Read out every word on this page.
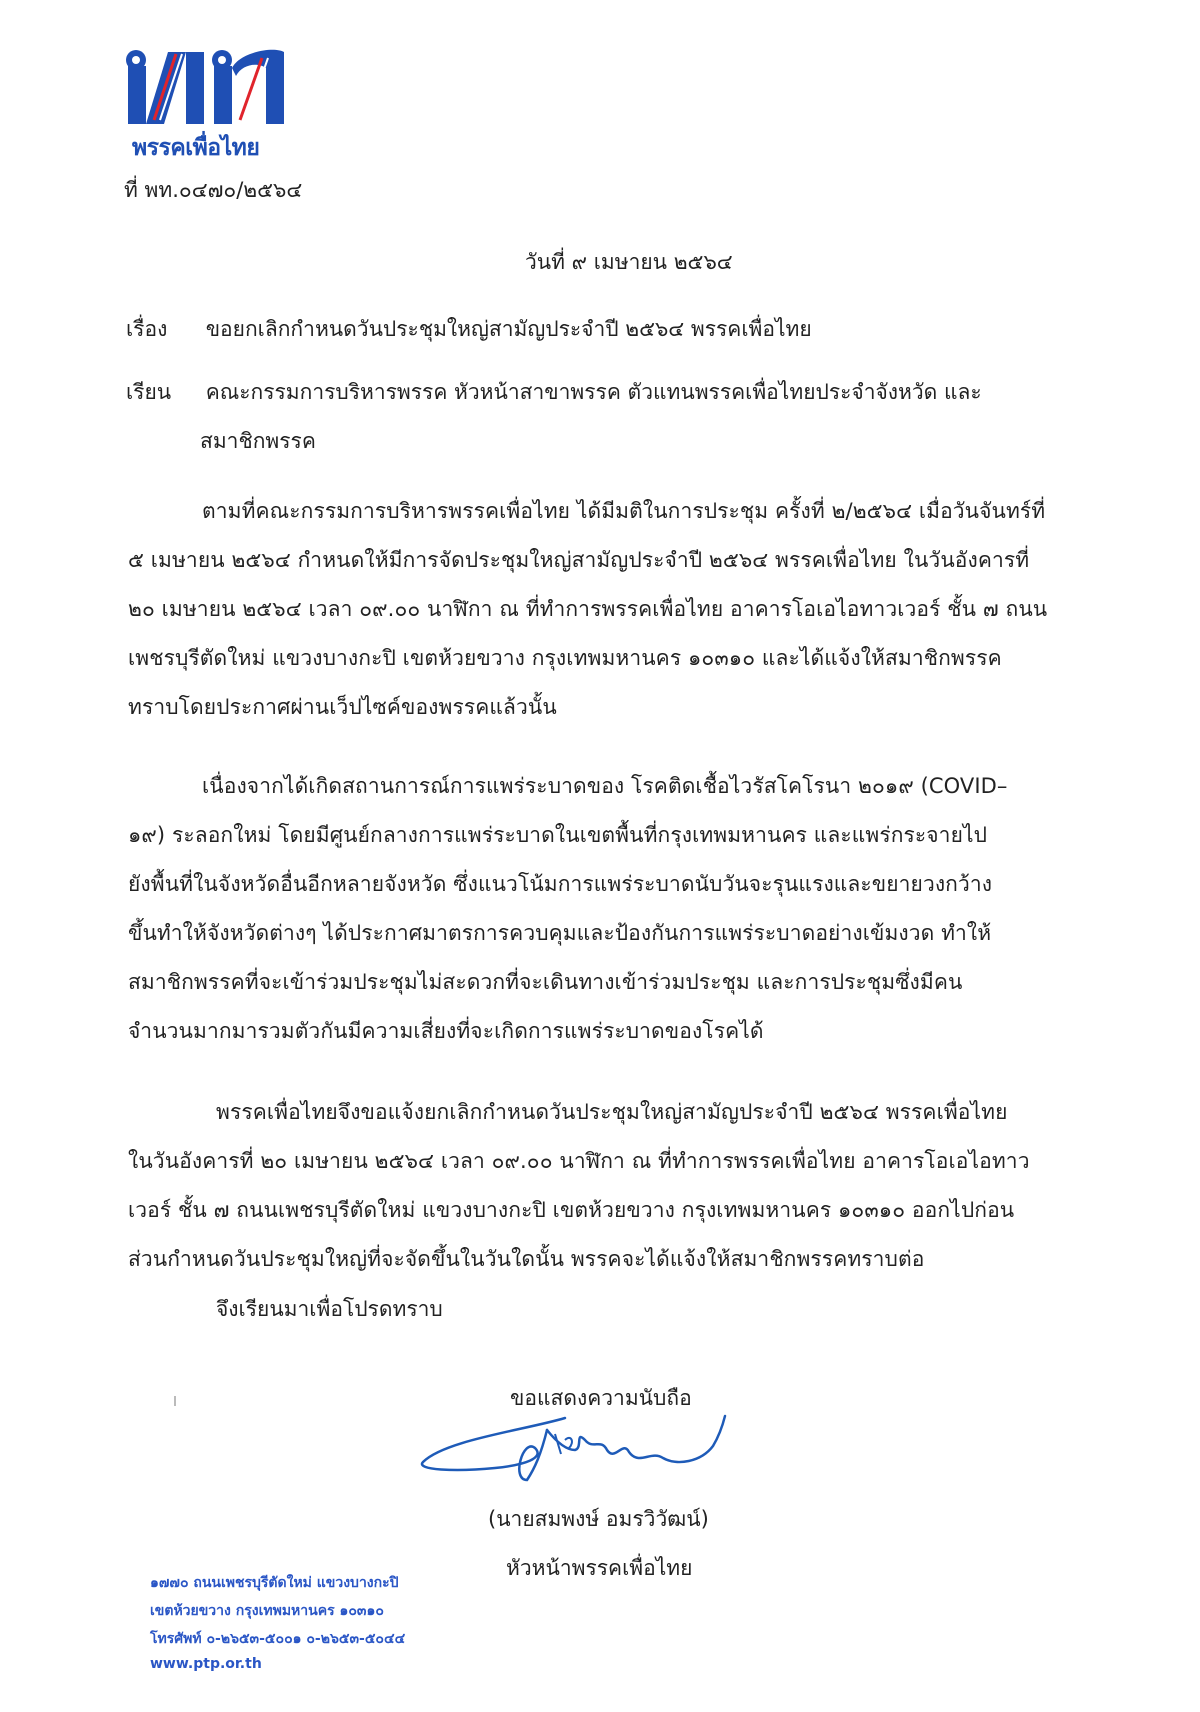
พรรคเพื่อไทย
ที่ พท.๐๔๗๐/๒๕๖๔
วันที่ ๙ เมษายน ๒๕๖๔
เรื่อง ขอยกเลิกกำหนดวันประชุมใหญ่สามัญประจำปี ๒๕๖๔ พรรคเพื่อไทย
เรียน คณะกรรมการบริหารพรรค หัวหน้าสาขาพรรค ตัวแทนพรรคเพื่อไทยประจำจังหวัด และ
สมาชิกพรรค
ตามที่คณะกรรมการบริหารพรรคเพื่อไทย ได้มีมติในการประชุม ครั้งที่ ๒/๒๕๖๔ เมื่อวันจันทร์ที่
๕ เมษายน ๒๕๖๔ กำหนดให้มีการจัดประชุมใหญ่สามัญประจำปี ๒๕๖๔ พรรคเพื่อไทย ในวันอังคารที่
๒๐ เมษายน ๒๕๖๔ เวลา ๐๙.๐๐ นาฬิกา ณ ที่ทำการพรรคเพื่อไทย อาคารโอเอไอทาวเวอร์ ชั้น ๗ ถนน
เพชรบุรีตัดใหม่ แขวงบางกะปิ เขตห้วยขวาง กรุงเทพมหานคร ๑๐๓๑๐ และได้แจ้งให้สมาชิกพรรค
ทราบโดยประกาศผ่านเว็ปไซค์ของพรรคแล้วนั้น
เนื่องจากได้เกิดสถานการณ์การแพร่ระบาดของ โรคติดเชื้อไวรัสโคโรนา ๒๐๑๙ (COVID–
๑๙) ระลอกใหม่ โดยมีศูนย์กลางการแพร่ระบาดในเขตพื้นที่กรุงเทพมหานคร และแพร่กระจายไป
ยังพื้นที่ในจังหวัดอื่นอีกหลายจังหวัด ซึ่งแนวโน้มการแพร่ระบาดนับวันจะรุนแรงและขยายวงกว้าง
ขึ้นทำให้จังหวัดต่างๆ ได้ประกาศมาตรการควบคุมและป้องกันการแพร่ระบาดอย่างเข้มงวด ทำให้
สมาชิกพรรคที่จะเข้าร่วมประชุมไม่สะดวกที่จะเดินทางเข้าร่วมประชุม และการประชุมซึ่งมีคน
จำนวนมากมารวมตัวกันมีความเสี่ยงที่จะเกิดการแพร่ระบาดของโรคได้
พรรคเพื่อไทยจึงขอแจ้งยกเลิกกำหนดวันประชุมใหญ่สามัญประจำปี ๒๕๖๔ พรรคเพื่อไทย
ในวันอังคารที่ ๒๐ เมษายน ๒๕๖๔ เวลา ๐๙.๐๐ นาฬิกา ณ ที่ทำการพรรคเพื่อไทย อาคารโอเอไอทาว
เวอร์ ชั้น ๗ ถนนเพชรบุรีตัดใหม่ แขวงบางกะปิ เขตห้วยขวาง กรุงเทพมหานคร ๑๐๓๑๐ ออกไปก่อน
ส่วนกำหนดวันประชุมใหญ่ที่จะจัดขึ้นในวันใดนั้น พรรคจะได้แจ้งให้สมาชิกพรรคทราบต่อ
จึงเรียนมาเพื่อโปรดทราบ
ขอแสดงความนับถือ
(นายสมพงษ์ อมรวิวัฒน์)
หัวหน้าพรรคเพื่อไทย
๑๗๗๐ ถนนเพชรบุรีตัดใหม่ แขวงบางกะปิ
เขตห้วยขวาง กรุงเทพมหานคร ๑๐๓๑๐
โทรศัพท์ ๐-๒๖๕๓-๕๐๐๑ ๐-๒๖๕๓-๕๐๔๔
www.ptp.or.th
